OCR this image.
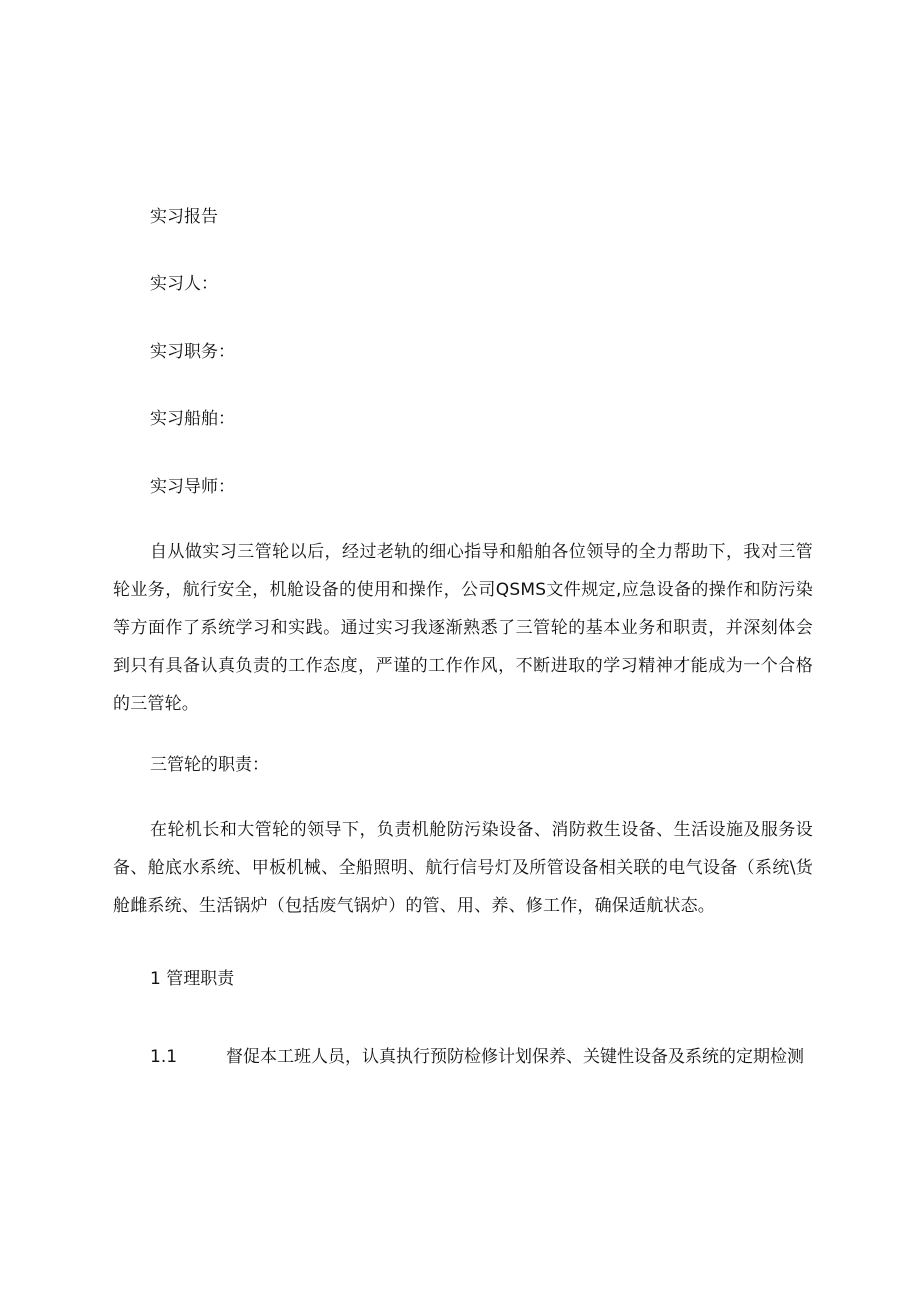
实习报告

实习人：

实习职务：

实习船舶：

实习导师：

自从做实习三管轮以后，经过老轨的细心指导和船舶各位领导的全力帮助下，我对三管轮业务，航行安全，机舱设备的使用和操作，公司QSMS文件规定,应急设备的操作和防污染等方面作了系统学习和实践。通过实习我逐渐熟悉了三管轮的基本业务和职责，并深刻体会到只有具备认真负责的工作态度，严谨的工作作风，不断进取的学习精神才能成为一个合格的三管轮。

三管轮的职责：

在轮机长和大管轮的领导下，负责机舱防污染设备、消防救生设备、生活设施及服务设备、舱底水系统、甲板机械、全船照明、航行信号灯及所管设备相关联的电气设备（系统\货舱雌系统、生活锅炉（包括废气锅炉）的管、用、养、修工作，确保适航状态。

1 管理职责

1.1	督促本工班人员，认真执行预防检修计划保养、关键性设备及系统的定期检测
